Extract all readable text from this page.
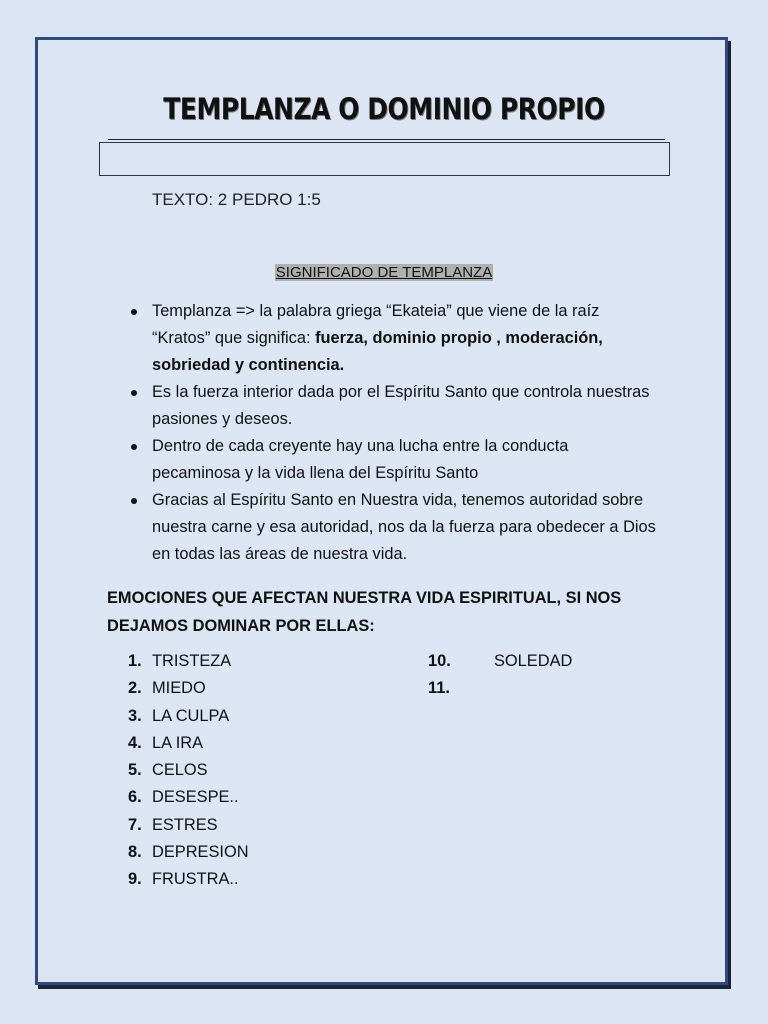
TEMPLANZA O DOMINIO PROPIO
TEXTO: 2 PEDRO 1:5
SIGNIFICADO DE TEMPLANZA
Templanza => la palabra griega “Ekateia” que viene de la raíz “Kratos” que significa: fuerza, dominio propio , moderación, sobriedad y continencia.
Es la fuerza interior dada por el Espíritu Santo que controla nuestras pasiones y deseos.
Dentro de cada creyente hay una lucha entre la conducta pecaminosa y la vida llena del Espíritu Santo
Gracias al Espíritu Santo en Nuestra vida, tenemos autoridad sobre nuestra carne y esa autoridad, nos da la fuerza para obedecer a Dios en todas las áreas de nuestra vida.
EMOCIONES QUE AFECTAN NUESTRA VIDA ESPIRITUAL, SI NOS DEJAMOS DOMINAR POR ELLAS:
1. TRISTEZA
2. MIEDO
3. LA CULPA
4. LA IRA
5. CELOS
6. DESESPE..
7. ESTRES
8. DEPRESION
9. FRUSTRA..
10.	SOLEDAD
11.
